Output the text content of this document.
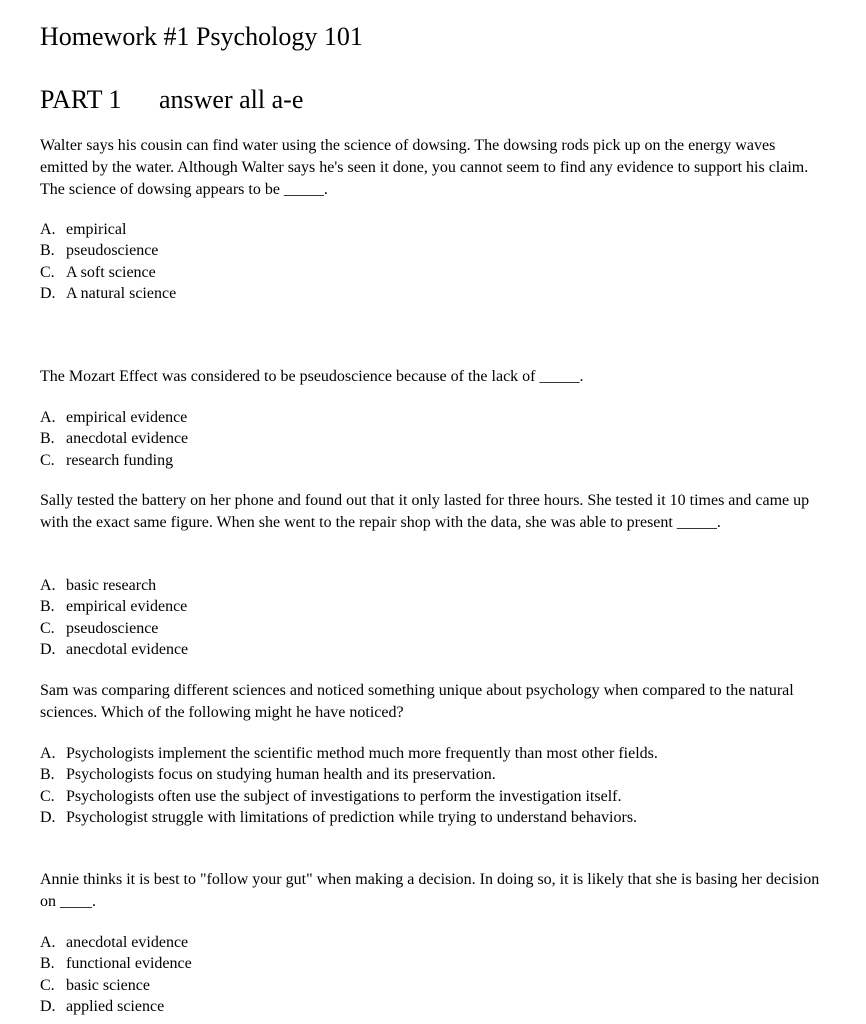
Homework #1 Psychology 101
PART 1 answer all a-e
Walter says his cousin can find water using the science of dowsing. The dowsing rods pick up on the energy waves emitted by the water. Although Walter says he's seen it done, you cannot seem to find any evidence to support his claim. The science of dowsing appears to be _____.
A. empirical
B. pseudoscience
C. A soft science
D. A natural science
The Mozart Effect was considered to be pseudoscience because of the lack of _____.
A. empirical evidence
B. anecdotal evidence
C. research funding
Sally tested the battery on her phone and found out that it only lasted for three hours. She tested it 10 times and came up with the exact same figure. When she went to the repair shop with the data, she was able to present _____.
A. basic research
B. empirical evidence
C. pseudoscience
D. anecdotal evidence
Sam was comparing different sciences and noticed something unique about psychology when compared to the natural sciences. Which of the following might he have noticed?
A. Psychologists implement the scientific method much more frequently than most other fields.
B. Psychologists focus on studying human health and its preservation.
C. Psychologists often use the subject of investigations to perform the investigation itself.
D. Psychologist struggle with limitations of prediction while trying to understand behaviors.
Annie thinks it is best to "follow your gut" when making a decision. In doing so, it is likely that she is basing her decision on ____.
A. anecdotal evidence
B. functional evidence
C. basic science
D. applied science
